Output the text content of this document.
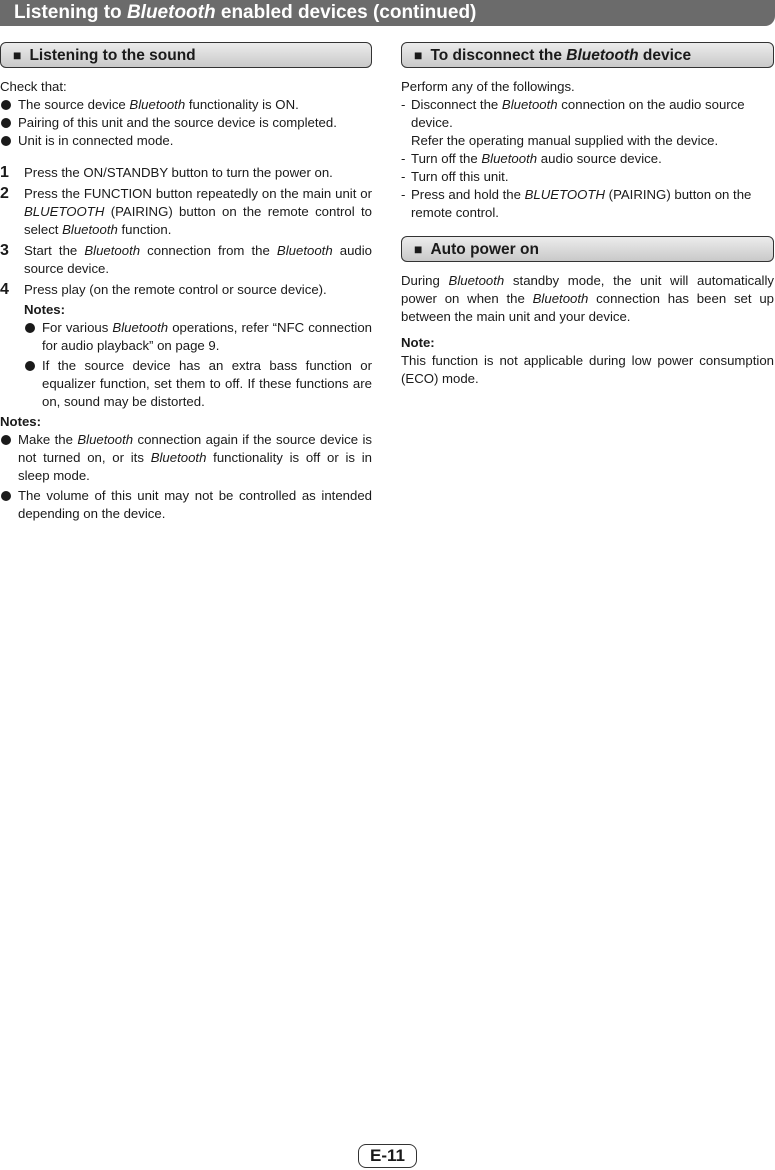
Listening to Bluetooth enabled devices (continued)
■ Listening to the sound

Check that:

The source device Bluetooth functionality is ON.
Pairing of this unit and the source device is completed.
Unit is in connected mode.
1 Press the ON/STANDBY button to turn the power on.
2 Press the FUNCTION button repeatedly on the main unit or BLUETOOTH (PAIRING) button on the remote control to select Bluetooth function.
3 Start the Bluetooth connection from the Bluetooth audio source device.
4 Press play (on the remote control or source device).

Notes:

For various Bluetooth operations, refer “NFC connection for audio playback” on page 9.
If the source device has an extra bass function or equalizer function, set them to off. If these functions are on, sound may be distorted.

Notes:

Make the Bluetooth connection again if the source device is not turned on, or its Bluetooth functionality is off or is in sleep mode.
The volume of this unit may not be controlled as intended depending on the device.
■ To disconnect the Bluetooth device

Perform any of the followings.

- Disconnect the Bluetooth connection on the audio source device.
Refer the operating manual supplied with the device.
- Turn off the Bluetooth audio source device.
- Turn off this unit.
- Press and hold the BLUETOOTH (PAIRING) button on the remote control.
■ Auto power on

During Bluetooth standby mode, the unit will automatically power on when the Bluetooth connection has been set up between the main unit and your device.

Note:

This function is not applicable during low power consumption (ECO) mode.

E-11
